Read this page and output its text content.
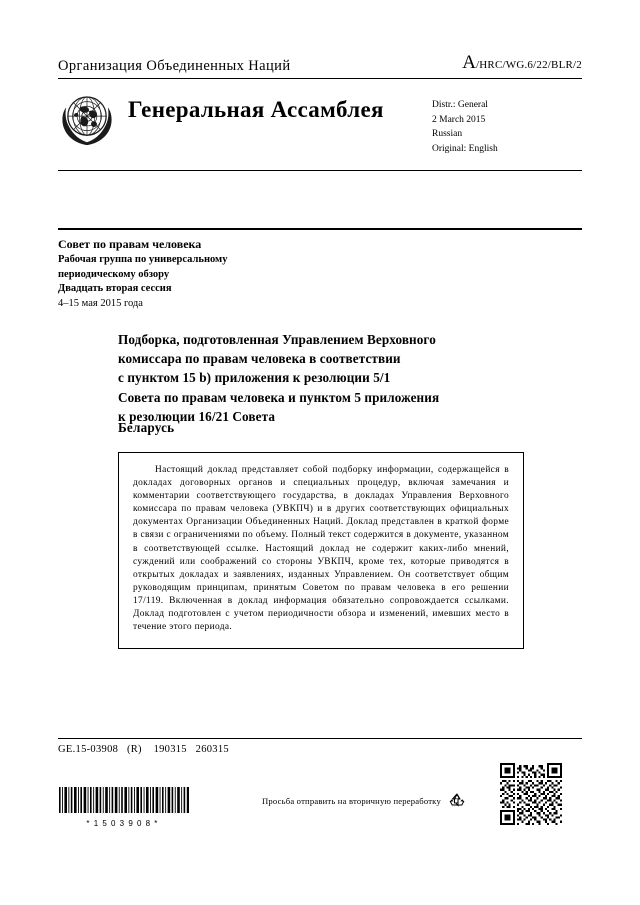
Организация Объединенных Наций	A/HRC/WG.6/22/BLR/2
Генеральная Ассамблея	Distr.: General
2 March 2015
Russian
Original: English
Совет по правам человека
Рабочая группа по универсальному
периодическому обзору
Двадцать вторая сессия
4–15 мая 2015 года
Подборка, подготовленная Управлением Верховного
комиссара по правам человека в соответствии
с пунктом 15 b) приложения к резолюции 5/1
Совета по правам человека и пунктом 5 приложения
к резолюции 16/21 Совета
Беларусь
Настоящий доклад представляет собой подборку информации, содержащейся в докладах договорных органов и специальных процедур, включая замечания и комментарии соответствующего государства, в докладах Управления Верховного комиссара по правам человека (УВКПЧ) и в других соответствующих официальных документах Организации Объединенных Наций. Доклад представлен в краткой форме в связи с ограничениями по объему. Полный текст содержится в документе, указанном в соответствующей ссылке. Настоящий доклад не содержит каких-либо мнений, суждений или соображений со стороны УВКПЧ, кроме тех, которые приводятся в открытых докладах и заявлениях, изданных Управлением. Он соответствует общим руководящим принципам, принятым Советом по правам человека в его решении 17/119. Включенная в доклад информация обязательно сопровождается ссылками. Доклад подготовлен с учетом периодичности обзора и изменений, имевших место в течение этого периода.
GE.15-03908 (R) 190315 260315
*1503908*
Просьба отправить на вторичную переработку
